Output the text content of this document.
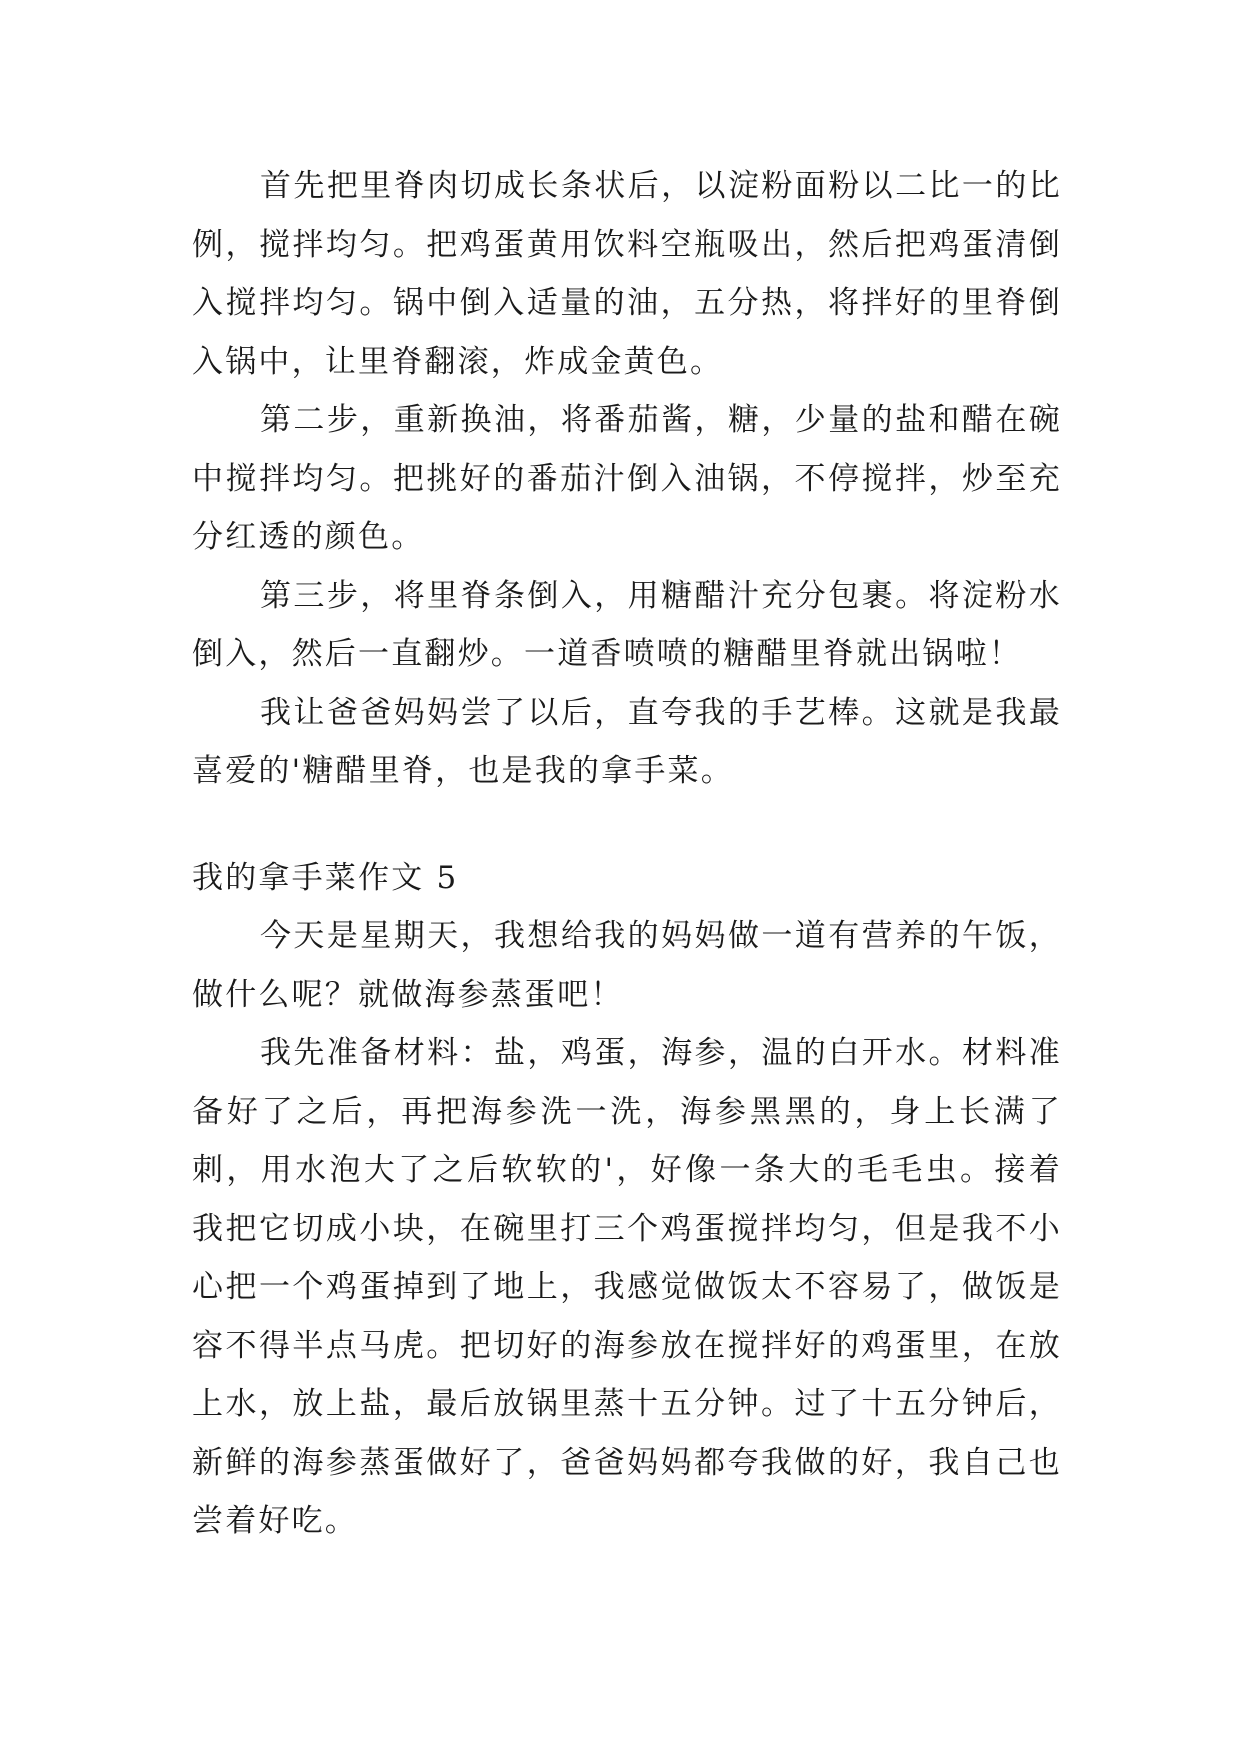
首先把里脊肉切成长条状后，以淀粉面粉以二比一的比例，搅拌均匀。把鸡蛋黄用饮料空瓶吸出，然后把鸡蛋清倒入搅拌均匀。锅中倒入适量的油，五分热，将拌好的里脊倒入锅中，让里脊翻滚，炸成金黄色。

第二步，重新换油，将番茄酱，糖，少量的盐和醋在碗中搅拌均匀。把挑好的番茄汁倒入油锅，不停搅拌，炒至充分红透的颜色。

第三步，将里脊条倒入，用糖醋汁充分包裹。将淀粉水倒入，然后一直翻炒。一道香喷喷的糖醋里脊就出锅啦！

我让爸爸妈妈尝了以后，直夸我的手艺棒。这就是我最喜爱的'糖醋里脊，也是我的拿手菜。

我的拿手菜作文 5

今天是星期天，我想给我的妈妈做一道有营养的午饭，做什么呢？就做海参蒸蛋吧！

我先准备材料：盐，鸡蛋，海参，温的白开水。材料准备好了之后，再把海参洗一洗，海参黑黑的，身上长满了刺，用水泡大了之后软软的'，好像一条大的毛毛虫。接着我把它切成小块，在碗里打三个鸡蛋搅拌均匀，但是我不小心把一个鸡蛋掉到了地上，我感觉做饭太不容易了，做饭是容不得半点马虎。把切好的海参放在搅拌好的鸡蛋里，在放上水，放上盐，最后放锅里蒸十五分钟。过了十五分钟后，新鲜的海参蒸蛋做好了，爸爸妈妈都夸我做的好，我自己也尝着好吃。
